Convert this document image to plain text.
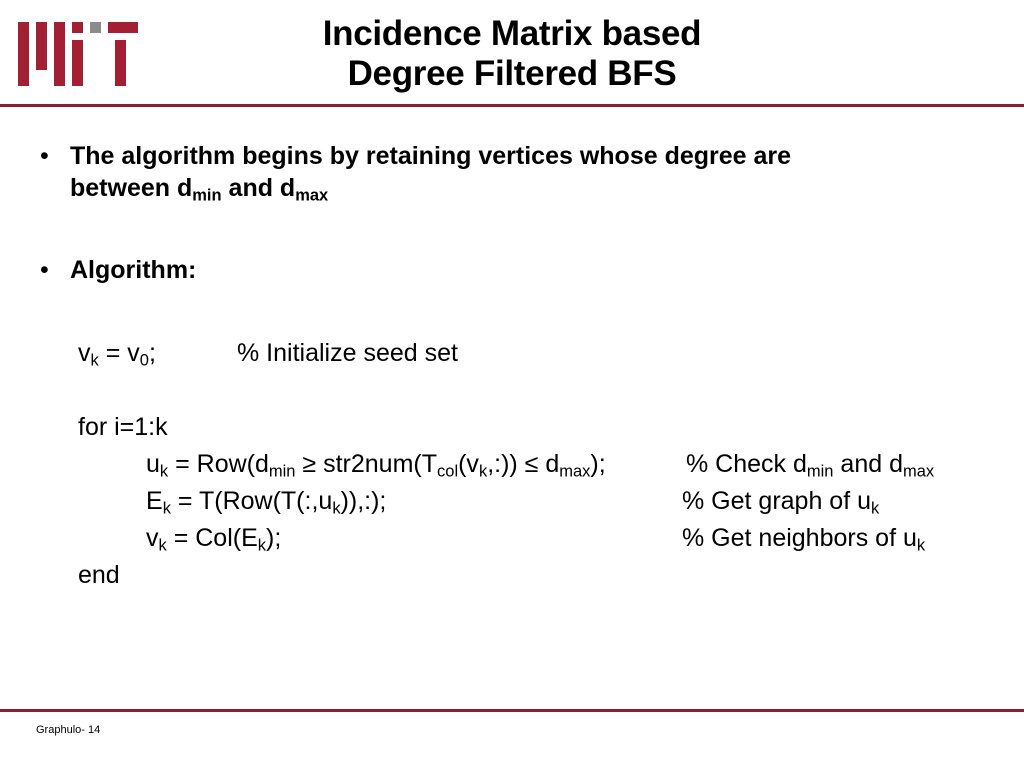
Incidence Matrix based
Degree Filtered BFS
• The algorithm begins by retaining vertices whose degree are
between $d_{min}$ and $d_{max}$
• Algorithm:
$v_k = v_0$;	% Initialize seed set
for i=1:k
$u_k = Row(d_{min}$ ≥ $str2num(T_{col}(v_k,:)) \le d_{max}$);	% Check $d_{min}$ and $d_{max}$
$E_k$ = $T(Row(T(:,u_k)),:)$;	% Get graph of $u_k$
$v_k = Col(E_k)$;	% Get neighbors of $u_k$
end
Graphulo- 14
